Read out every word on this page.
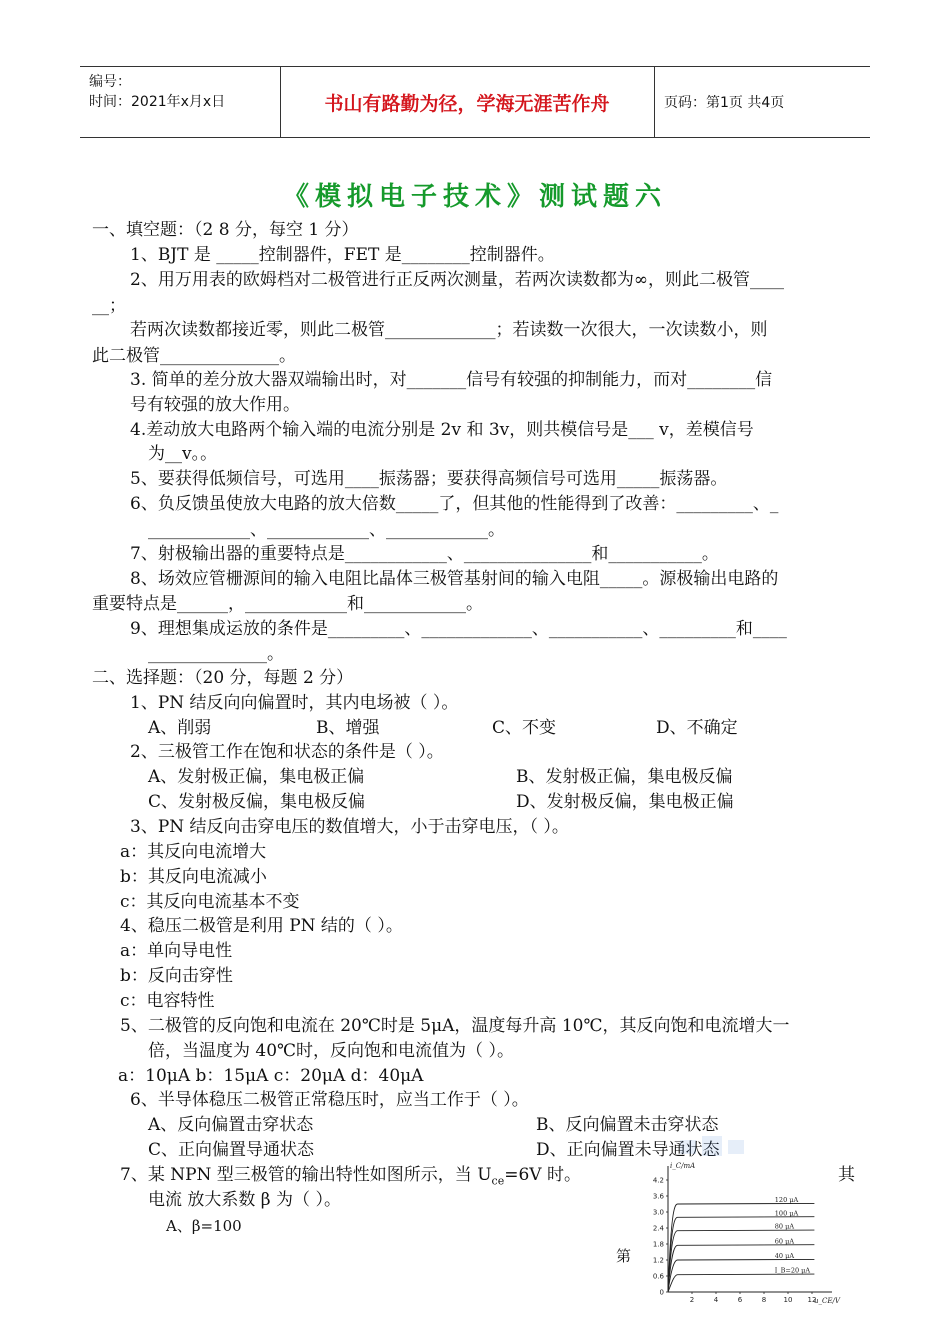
编号：
时间：2021年x月x日	书山有路勤为径，学海无涯苦作舟	页码：第1页 共4页
《模拟电子技术》测试题六
一、填空题：（2 8 分，每空 1 分）
1、BJT 是 _____控制器件，FET 是________控制器件。
2、用万用表的欧姆档对二极管进行正反两次测量，若两次读数都为∞，则此二极管____
__；
若两次读数都接近零，则此二极管_____________；若读数一次很大，一次读数小，则
此二极管______________。
3. 简单的差分放大器双端输出时，对_______信号有较强的抑制能力，而对________信
号有较强的放大作用。
4.差动放大电路两个输入端的电流分别是 2v 和 3v，则共模信号是___ v，差模信号
为__v。。
5、要获得低频信号，可选用____振荡器；要获得高频信号可选用_____振荡器。
6、负反馈虽使放大电路的放大倍数_____了，但其他的性能得到了改善：_________、_
____________、____________、____________。
7、射极输出器的重要特点是____________、_______________和___________。
8、场效应管栅源间的输入电阻比晶体三极管基射间的输入电阻_____。源极输出电路的
重要特点是______，____________和____________。
9、理想集成运放的条件是_________、_____________、___________、_________和____
______________。
二、选择题：（20 分，每题 2 分）
1、PN 结反向向偏置时，其内电场被（ ）。
A、削弱	B、增强	C、不变	D、不确定
2、三极管工作在饱和状态的条件是（ ）。
A、发射极正偏，集电极正偏	B、发射极正偏，集电极反偏
C、发射极反偏，集电极反偏	D、发射极反偏，集电极正偏
3、PN 结反向击穿电压的数值增大，小于击穿电压，（ ）。
a：其反向电流增大
b：其反向电流减小
c：其反向电流基本不变
4、稳压二极管是利用 PN 结的（ ）。
a：单向导电性
b：反向击穿性
c：电容特性
5、二极管的反向饱和电流在 20℃时是 5μA，温度每升高 10℃，其反向饱和电流增大一
倍，当温度为 40℃时，反向饱和电流值为（ ）。
a：10μA b：15μA c：20μA d：40μA
6、半导体稳压二极管正常稳压时，应当工作于（ ）。
A、反向偏置击穿状态	B、反向偏置未击穿状态
C、正向偏置导通状态	D、正向偏置未导通状态
7、某 NPN 型三极管的输出特性如图所示，当 $U_{ce}=6V$ 时。	其
电流 放大系数 β 为（ ）。
A、β=100
第
i_C/mA
u_CE/V
4.2
3.6
3.0
2.4
1.8
1.2
0.6
0
2	4	6	8 10 12
120 μA
100 μA
80 μA
60 μA
40 μA
I_B=20 μA
